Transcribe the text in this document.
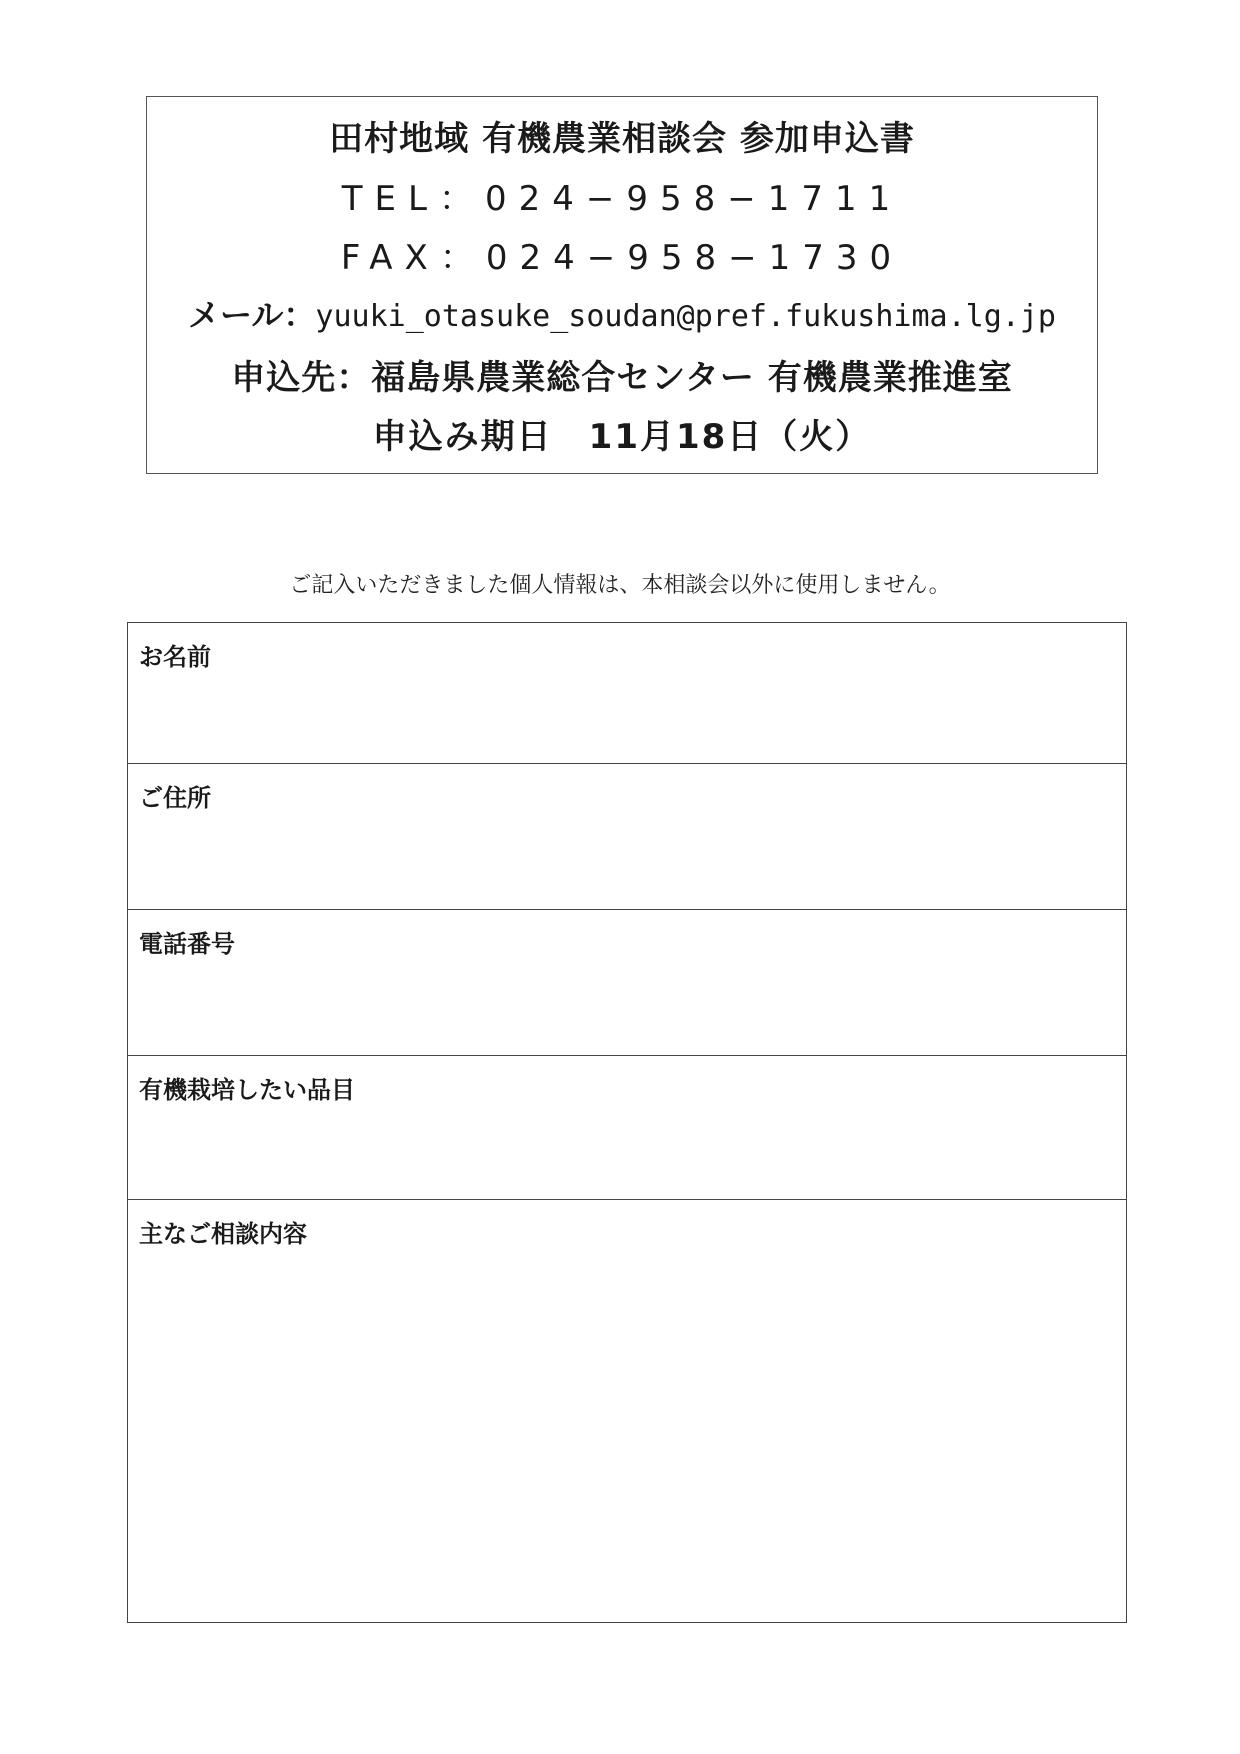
田村地域 有機農業相談会 参加申込書
TEL：024−958−1711
FAX：024−958−1730
メール：yuuki_otasuke_soudan@pref.fukushima.lg.jp
申込先：福島県農業総合センター 有機農業推進室
申込み期日　11月18日（火）
ご記入いただきました個人情報は、本相談会以外に使用しません。
お名前
ご住所
電話番号
有機栽培したい品目
主なご相談内容
